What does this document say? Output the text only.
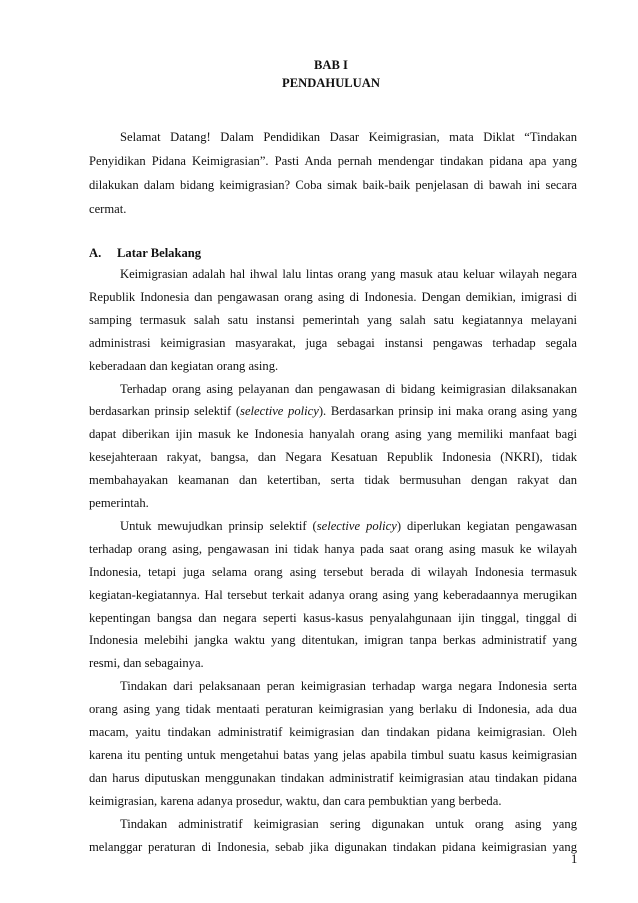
BAB I
PENDAHULUAN
Selamat Datang! Dalam Pendidikan Dasar Keimigrasian, mata Diklat “Tindakan
Penyidikan Pidana Keimigrasian”. Pasti Anda pernah mendengar tindakan pidana apa yang
dilakukan dalam bidang keimigrasian? Coba simak baik-baik penjelasan di bawah ini secara
cermat.
A. Latar Belakang
Keimigrasian adalah hal ihwal lalu lintas orang yang masuk atau keluar wilayah negara
Republik Indonesia dan pengawasan orang asing di Indonesia. Dengan demikian, imigrasi di
samping termasuk salah satu instansi pemerintah yang salah satu kegiatannya melayani
administrasi keimigrasian masyarakat, juga sebagai instansi pengawas terhadap segala
keberadaan dan kegiatan orang asing.
Terhadap orang asing pelayanan dan pengawasan di bidang keimigrasian dilaksanakan
berdasarkan prinsip selektif (selective policy). Berdasarkan prinsip ini maka orang asing yang
dapat diberikan ijin masuk ke Indonesia hanyalah orang asing yang memiliki manfaat bagi
kesejahteraan rakyat, bangsa, dan Negara Kesatuan Republik Indonesia (NKRI), tidak
membahayakan keamanan dan ketertiban, serta tidak bermusuhan dengan rakyat dan
pemerintah.
Untuk mewujudkan prinsip selektif (selective policy) diperlukan kegiatan pengawasan
terhadap orang asing, pengawasan ini tidak hanya pada saat orang asing masuk ke wilayah
Indonesia, tetapi juga selama orang asing tersebut berada di wilayah Indonesia termasuk
kegiatan-kegiatannya. Hal tersebut terkait adanya orang asing yang keberadaannya merugikan
kepentingan bangsa dan negara seperti kasus-kasus penyalahgunaan ijin tinggal, tinggal di
Indonesia melebihi jangka waktu yang ditentukan, imigran tanpa berkas administratif yang
resmi, dan sebagainya.
Tindakan dari pelaksanaan peran keimigrasian terhadap warga negara Indonesia serta
orang asing yang tidak mentaati peraturan keimigrasian yang berlaku di Indonesia, ada dua
macam, yaitu tindakan administratif keimigrasian dan tindakan pidana keimigrasian. Oleh
karena itu penting untuk mengetahui batas yang jelas apabila timbul suatu kasus keimigrasian
dan harus diputuskan menggunakan tindakan administratif keimigrasian atau tindakan pidana
keimigrasian, karena adanya prosedur, waktu, dan cara pembuktian yang berbeda.
Tindakan administratif keimigrasian sering digunakan untuk orang asing yang
melanggar peraturan di Indonesia, sebab jika digunakan tindakan pidana keimigrasian yang
1
